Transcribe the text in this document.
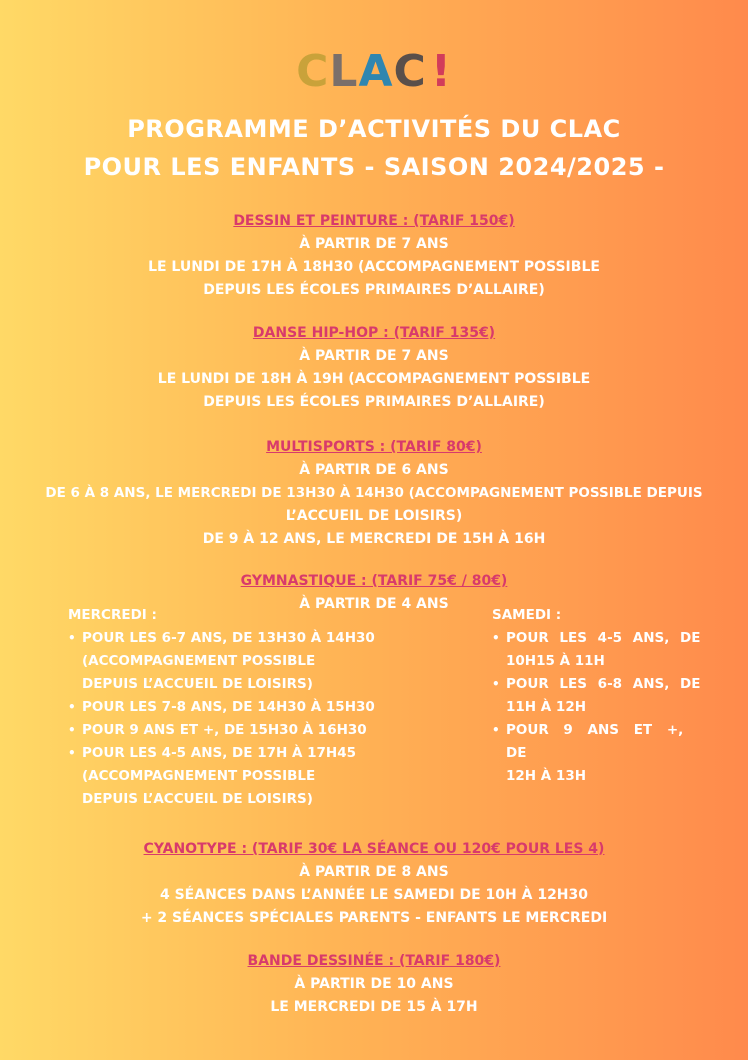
CLAC!
PROGRAMME D’ACTIVITÉS DU CLAC
POUR LES ENFANTS - SAISON 2024/2025 -
DESSIN ET PEINTURE : (TARIF 150€)
À PARTIR DE 7 ANS
LE LUNDI DE 17H À 18H30 (ACCOMPAGNEMENT POSSIBLE
DEPUIS LES ÉCOLES PRIMAIRES D’ALLAIRE)
DANSE HIP-HOP : (TARIF 135€)
À PARTIR DE 7 ANS
LE LUNDI DE 18H À 19H (ACCOMPAGNEMENT POSSIBLE
DEPUIS LES ÉCOLES PRIMAIRES D’ALLAIRE)
MULTISPORTS : (TARIF 80€)
À PARTIR DE 6 ANS
DE 6 À 8 ANS, LE MERCREDI DE 13H30 À 14H30 (ACCOMPAGNEMENT POSSIBLE DEPUIS
L’ACCUEIL DE LOISIRS)
DE 9 À 12 ANS, LE MERCREDI DE 15H À 16H
GYMNASTIQUE : (TARIF 75€ / 80€)
À PARTIR DE 4 ANS
MERCREDI :
• POUR LES 6-7 ANS, DE 13H30 À 14H30
(ACCOMPAGNEMENT POSSIBLE
DEPUIS L’ACCUEIL DE LOISIRS)
• POUR LES 7-8 ANS, DE 14H30 À 15H30
• POUR 9 ANS ET +, DE 15H30 À 16H30
• POUR LES 4-5 ANS, DE 17H À 17H45
(ACCOMPAGNEMENT POSSIBLE
DEPUIS L’ACCUEIL DE LOISIRS)
SAMEDI :
• POUR LES 4-5 ANS, DE
10H15 À 11H
• POUR LES 6-8 ANS, DE
11H À 12H
• POUR 9 ANS ET +, DE
12H À 13H
CYANOTYPE : (TARIF 30€ LA SÉANCE OU 120€ POUR LES 4)
À PARTIR DE 8 ANS
4 SÉANCES DANS L’ANNÉE LE SAMEDI DE 10H À 12H30
+ 2 SÉANCES SPÉCIALES PARENTS - ENFANTS LE MERCREDI
BANDE DESSINÉE : (TARIF 180€)
À PARTIR DE 10 ANS
LE MERCREDI DE 15 À 17H
